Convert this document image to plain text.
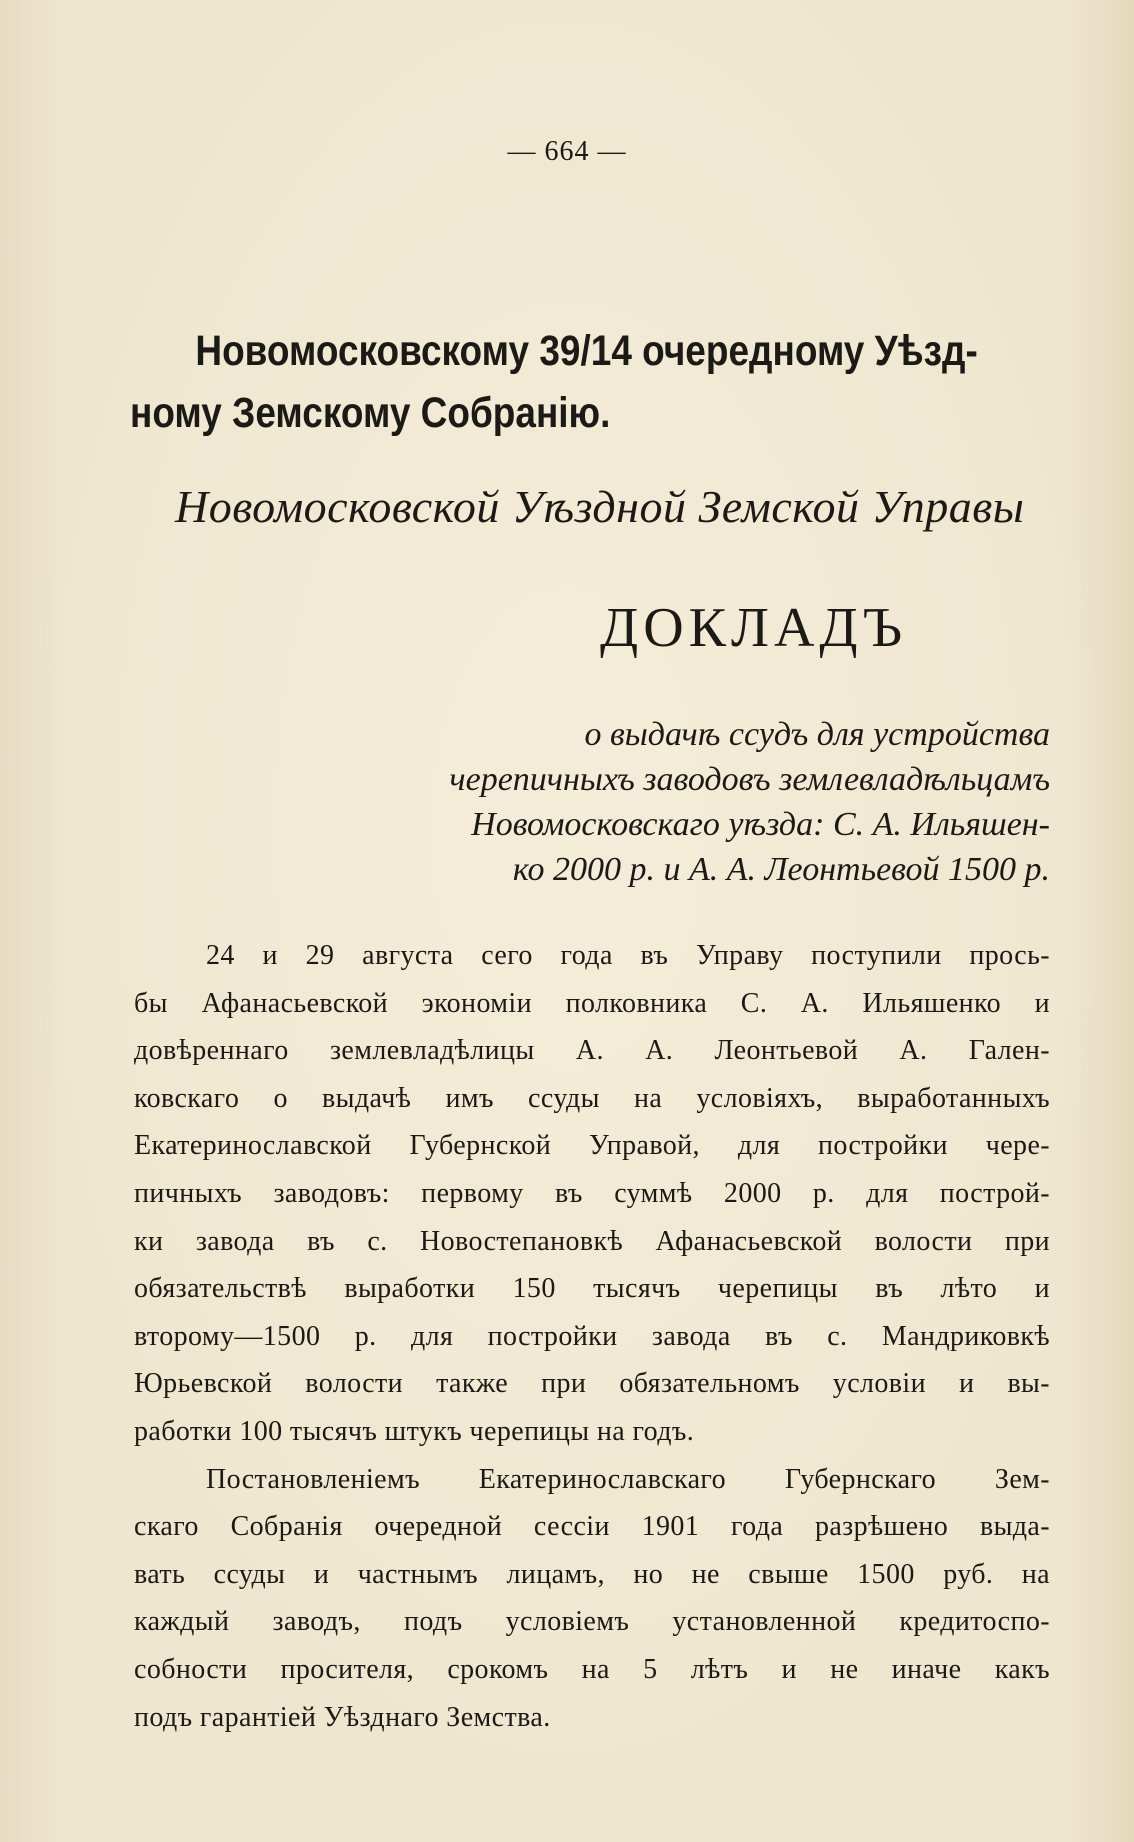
— 664 —
Новомосковскому 39/14 очередному Уѣзд-
ному Земскому Собранію.
Новомосковской Уѣздной Земской Управы
ДОКЛАДЪ
о выдачѣ ссудъ для устройства
черепичныхъ заводовъ землевладѣльцамъ
Новомосковскаго уѣзда: С. А. Ильяшен-
ко 2000 р. и А. А. Леонтьевой 1500 р.
24 и 29 августа сего года въ Управу поступили прось-
бы Афанасьевской экономіи полковника С. А. Ильяшенко и
довѣреннаго землевладѣлицы А. А. Леонтьевой А. Гален-
ковскаго о выдачѣ имъ ссуды на условіяхъ, выработанныхъ
Екатеринославской Губернской Управой, для постройки чере-
пичныхъ заводовъ: первому въ суммѣ 2000 р. для построй-
ки завода въ с. Новостепановкѣ Афанасьевской волости при
обязательствѣ выработки 150 тысячъ черепицы въ лѣто и
второму—1500 р. для постройки завода въ с. Мандриковкѣ
Юрьевской волости также при обязательномъ условіи и вы-
работки 100 тысячъ штукъ черепицы на годъ.
Постановленіемъ Екатеринославскаго Губернскаго Зем-
скаго Собранія очередной сессіи 1901 года разрѣшено выда-
вать ссуды и частнымъ лицамъ, но не свыше 1500 руб. на
каждый заводъ, подъ условіемъ установленной кредитоспо-
собности просителя, срокомъ на 5 лѣтъ и не иначе какъ
подъ гарантіей Уѣзднаго Земства.
